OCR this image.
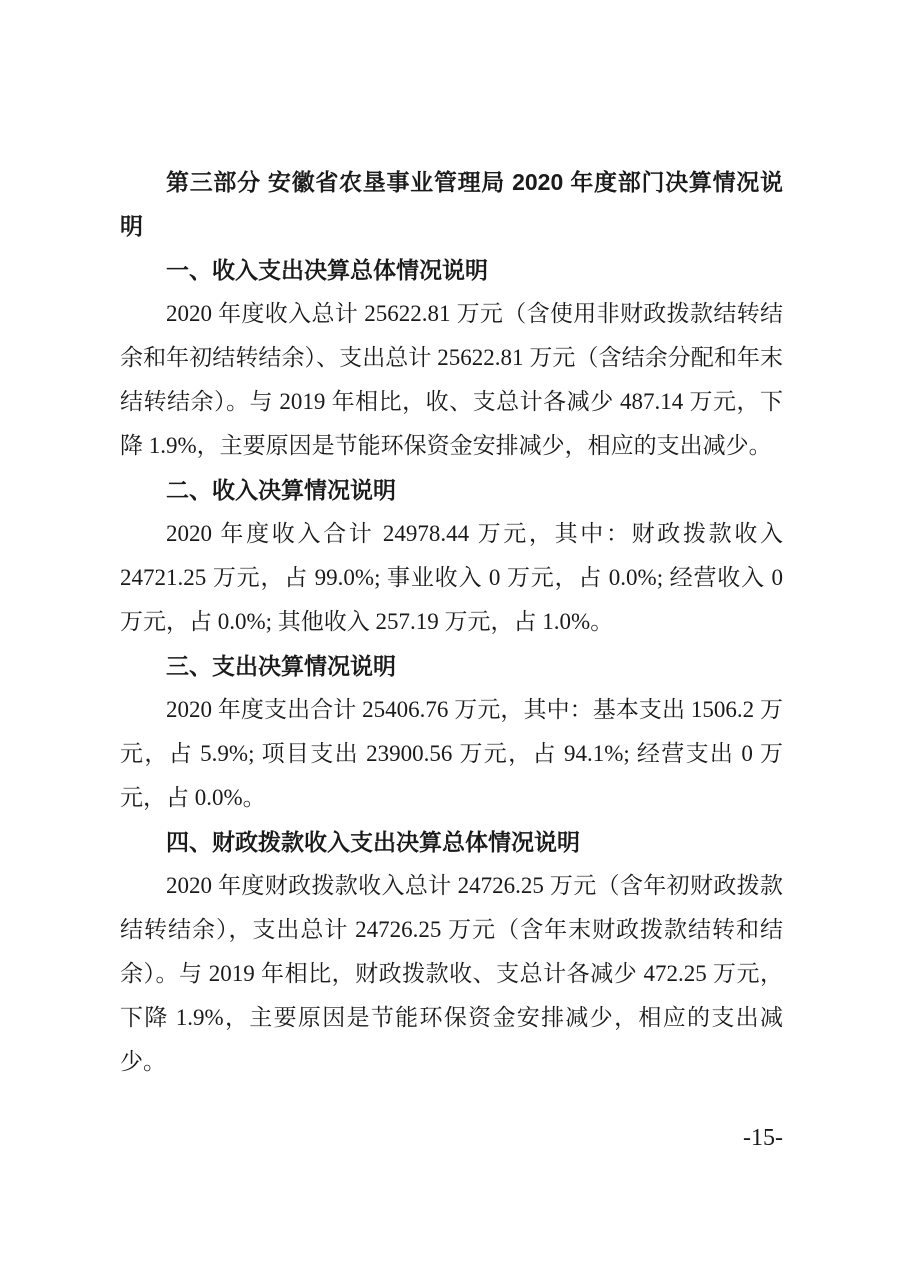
第三部分 安徽省农垦事业管理局 2020 年度部门决算情况说明

一、收入支出决算总体情况说明

2020 年度收入总计 25622.81 万元（含使用非财政拨款结转结余和年初结转结余）、支出总计 25622.81 万元（含结余分配和年末结转结余）。与 2019 年相比，收、支总计各减少 487.14 万元，下降 1.9%，主要原因是节能环保资金安排减少，相应的支出减少。

二、收入决算情况说明

2020 年度收入合计 24978.44 万元，其中：财政拨款收入 24721.25 万元，占 99.0%; 事业收入 0 万元，占 0.0%; 经营收入 0 万元，占 0.0%; 其他收入 257.19 万元，占 1.0%。

三、支出决算情况说明

2020 年度支出合计 25406.76 万元，其中：基本支出 1506.2 万元，占 5.9%; 项目支出 23900.56 万元，占 94.1%; 经营支出 0 万元，占 0.0%。

四、财政拨款收入支出决算总体情况说明

2020 年度财政拨款收入总计 24726.25 万元（含年初财政拨款结转结余），支出总计 24726.25 万元（含年末财政拨款结转和结余）。与 2019 年相比，财政拨款收、支总计各减少 472.25 万元，下降 1.9%，主要原因是节能环保资金安排减少，相应的支出减少。

-15-
